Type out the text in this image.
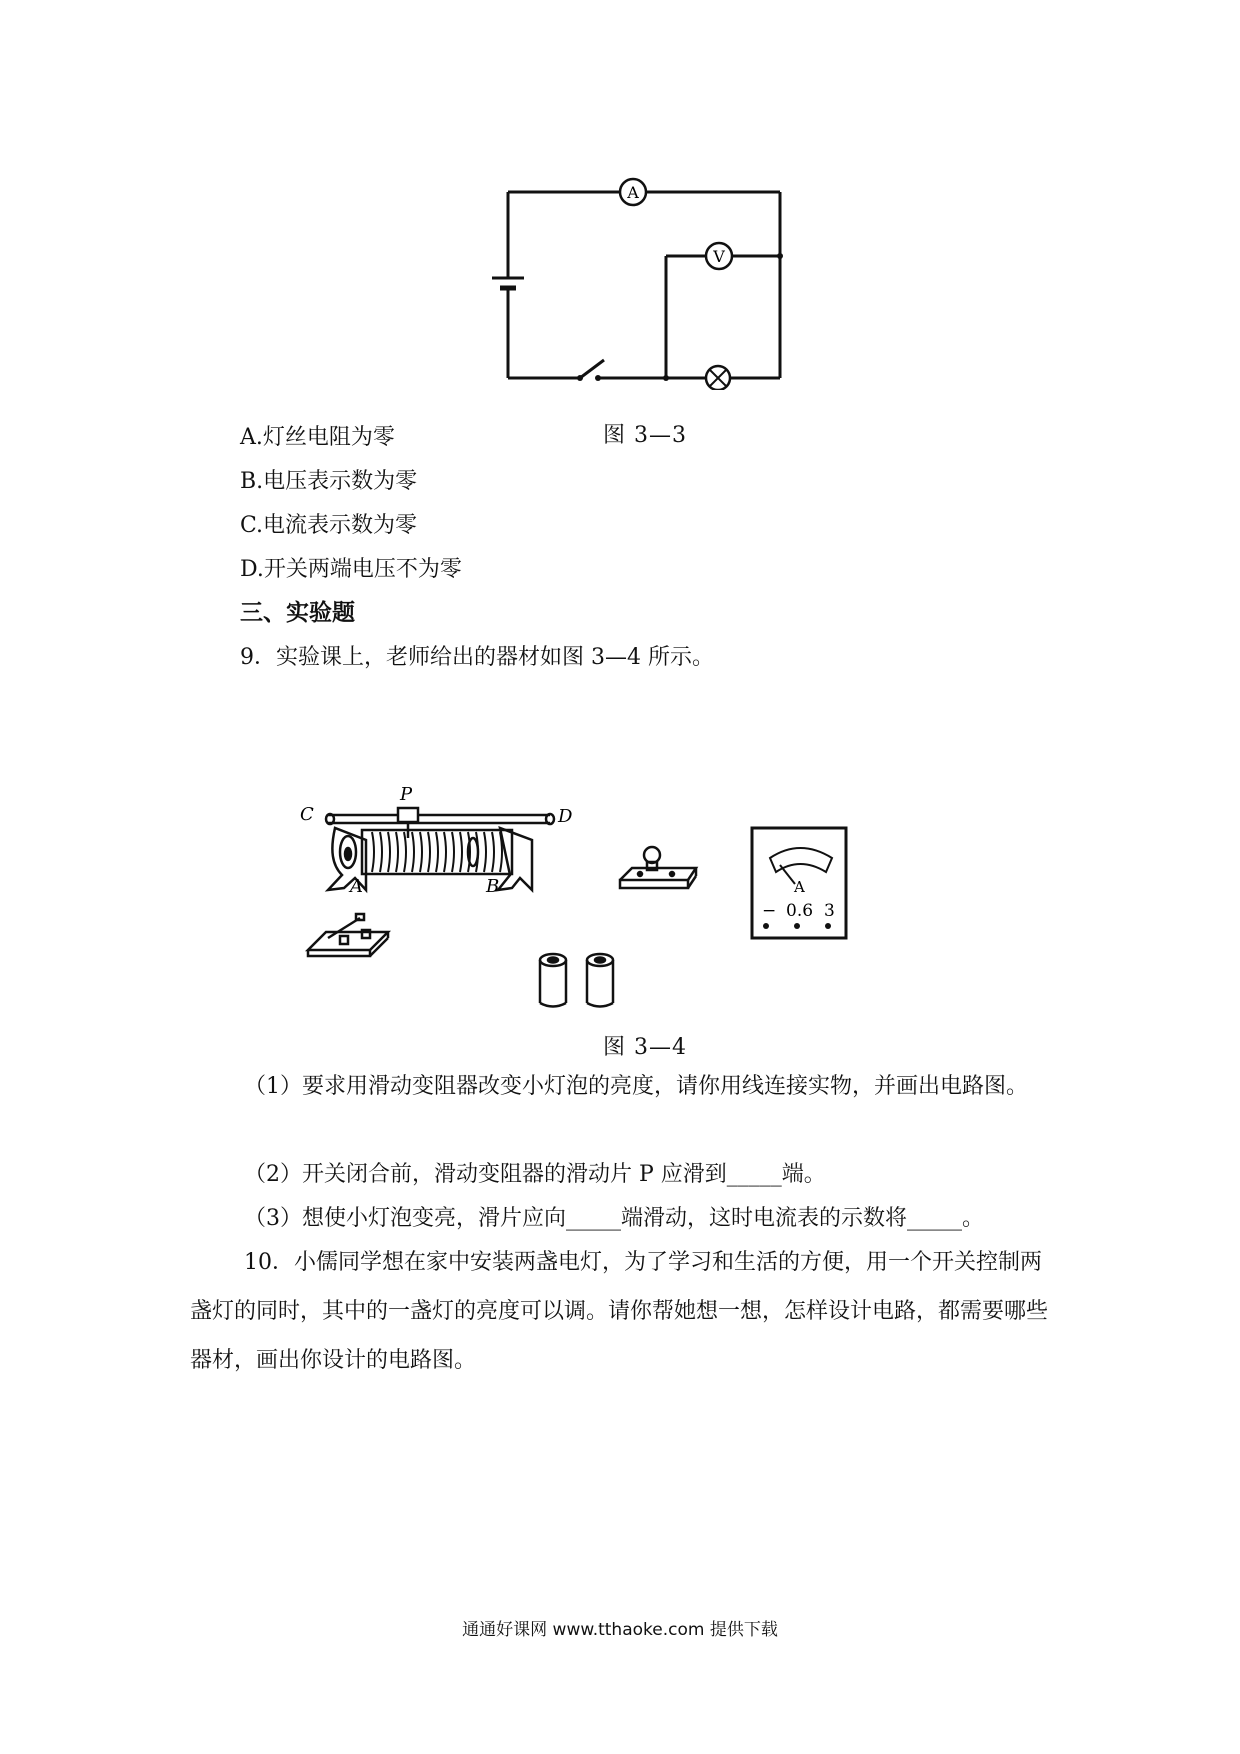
A
V
图 3—3
A.灯丝电阻为零
B.电压表示数为零
C.电流表示数为零
D.开关两端电压不为零
三、实验题
9．实验课上，老师给出的器材如图 3—4 所示。
C
P
D
A	B	A
− 0.6 3
图 3—4

（1）要求用滑动变阻器改变小灯泡的亮度，请你用线连接实物，并画出电路图。

（2）开关闭合前，滑动变阻器的滑动片 P 应滑到_____端。

（3）想使小灯泡变亮，滑片应向_____端滑动，这时电流表的示数将_____。

10．小儒同学想在家中安装两盏电灯，为了学习和生活的方便，用一个开关控制两盏灯的同时，其中的一盏灯的亮度可以调。请你帮她想一想，怎样设计电路，都需要哪些器材，画出你设计的电路图。

通通好课网 www.tthaoke.com 提供下载
